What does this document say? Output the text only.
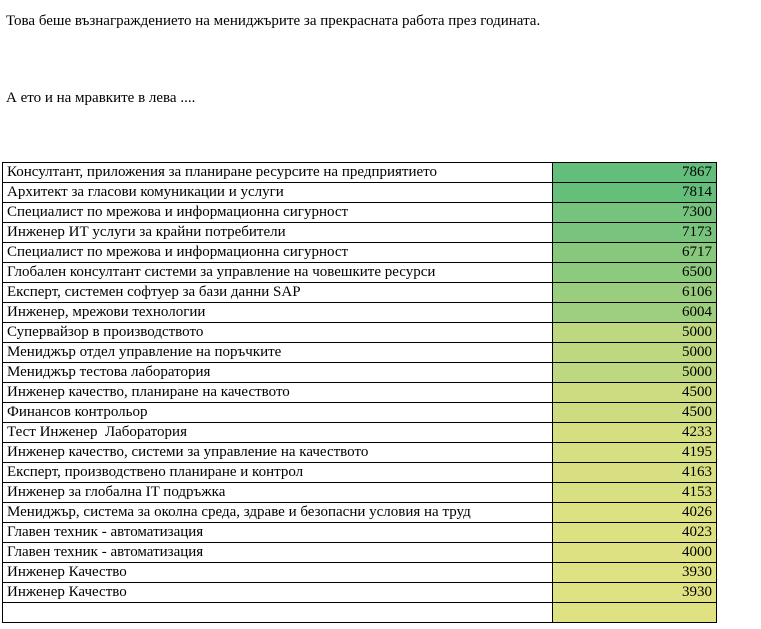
Това беше възнаграждението на мениджърите за прекрасната работа през годината.

А ето и на мравките в лева ....

Консултант, приложения за планиране ресурсите на предприятието	7867
Архитект за гласови комуникации и услуги	7814
Специалист по мрежова и информационна сигурност	7300
Инженер ИТ услуги за крайни потребители	7173
Специалист по мрежова и информационна сигурност	6717
Глобален консултант системи за управление на човешките ресурси	6500
Експерт, системен софтуер за бази данни SAP	6106
Инженер, мрежови технологии	6004
Супервайзор в производството	5000
Мениджър отдел управление на поръчките	5000
Мениджър тестова лаборатория	5000
Инженер качество, планиране на качеството	4500
Финансов контрольор	4500
Тест Инженер  Лаборатория	4233
Инженер качество, системи за управление на качеството	4195
Експерт, производствено планиране и контрол	4163
Инженер за глобална IT подръжка	4153
Мениджър, система за околна среда, здраве и безопасни условия на труд	4026
Главен техник - автоматизация	4023
Главен техник - автоматизация	4000
Инженер Качество	3930
Инженер Качество	3930
